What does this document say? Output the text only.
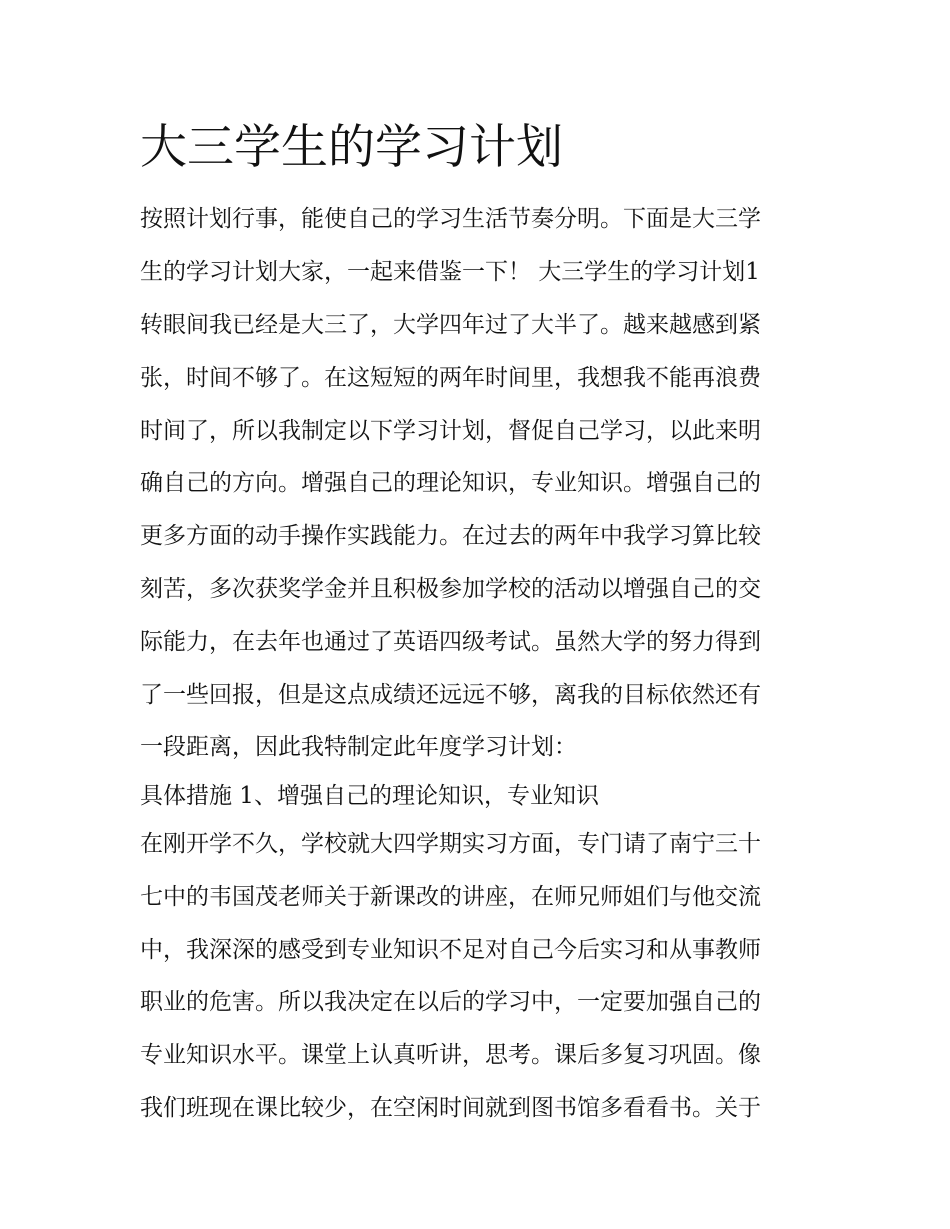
大三学生的学习计划

按照计划行事，能使自己的学习生活节奏分明。下面是大三学

生的学习计划大家，一起来借鉴一下！ 大三学生的学习计划1

转眼间我已经是大三了，大学四年过了大半了。越来越感到紧

张，时间不够了。在这短短的两年时间里，我想我不能再浪费

时间了，所以我制定以下学习计划，督促自己学习，以此来明

确自己的方向。增强自己的理论知识，专业知识。增强自己的

更多方面的动手操作实践能力。在过去的两年中我学习算比较

刻苦，多次获奖学金并且积极参加学校的活动以增强自己的交

际能力，在去年也通过了英语四级考试。虽然大学的努力得到

了一些回报，但是这点成绩还远远不够，离我的目标依然还有

一段距离，因此我特制定此年度学习计划：

具体措施 1、增强自己的理论知识，专业知识

在刚开学不久，学校就大四学期实习方面，专门请了南宁三十

七中的韦国茂老师关于新课改的讲座，在师兄师姐们与他交流

中，我深深的感受到专业知识不足对自己今后实习和从事教师

职业的危害。所以我决定在以后的学习中，一定要加强自己的

专业知识水平。课堂上认真听讲，思考。课后多复习巩固。像

我们班现在课比较少，在空闲时间就到图书馆多看看书。关于
